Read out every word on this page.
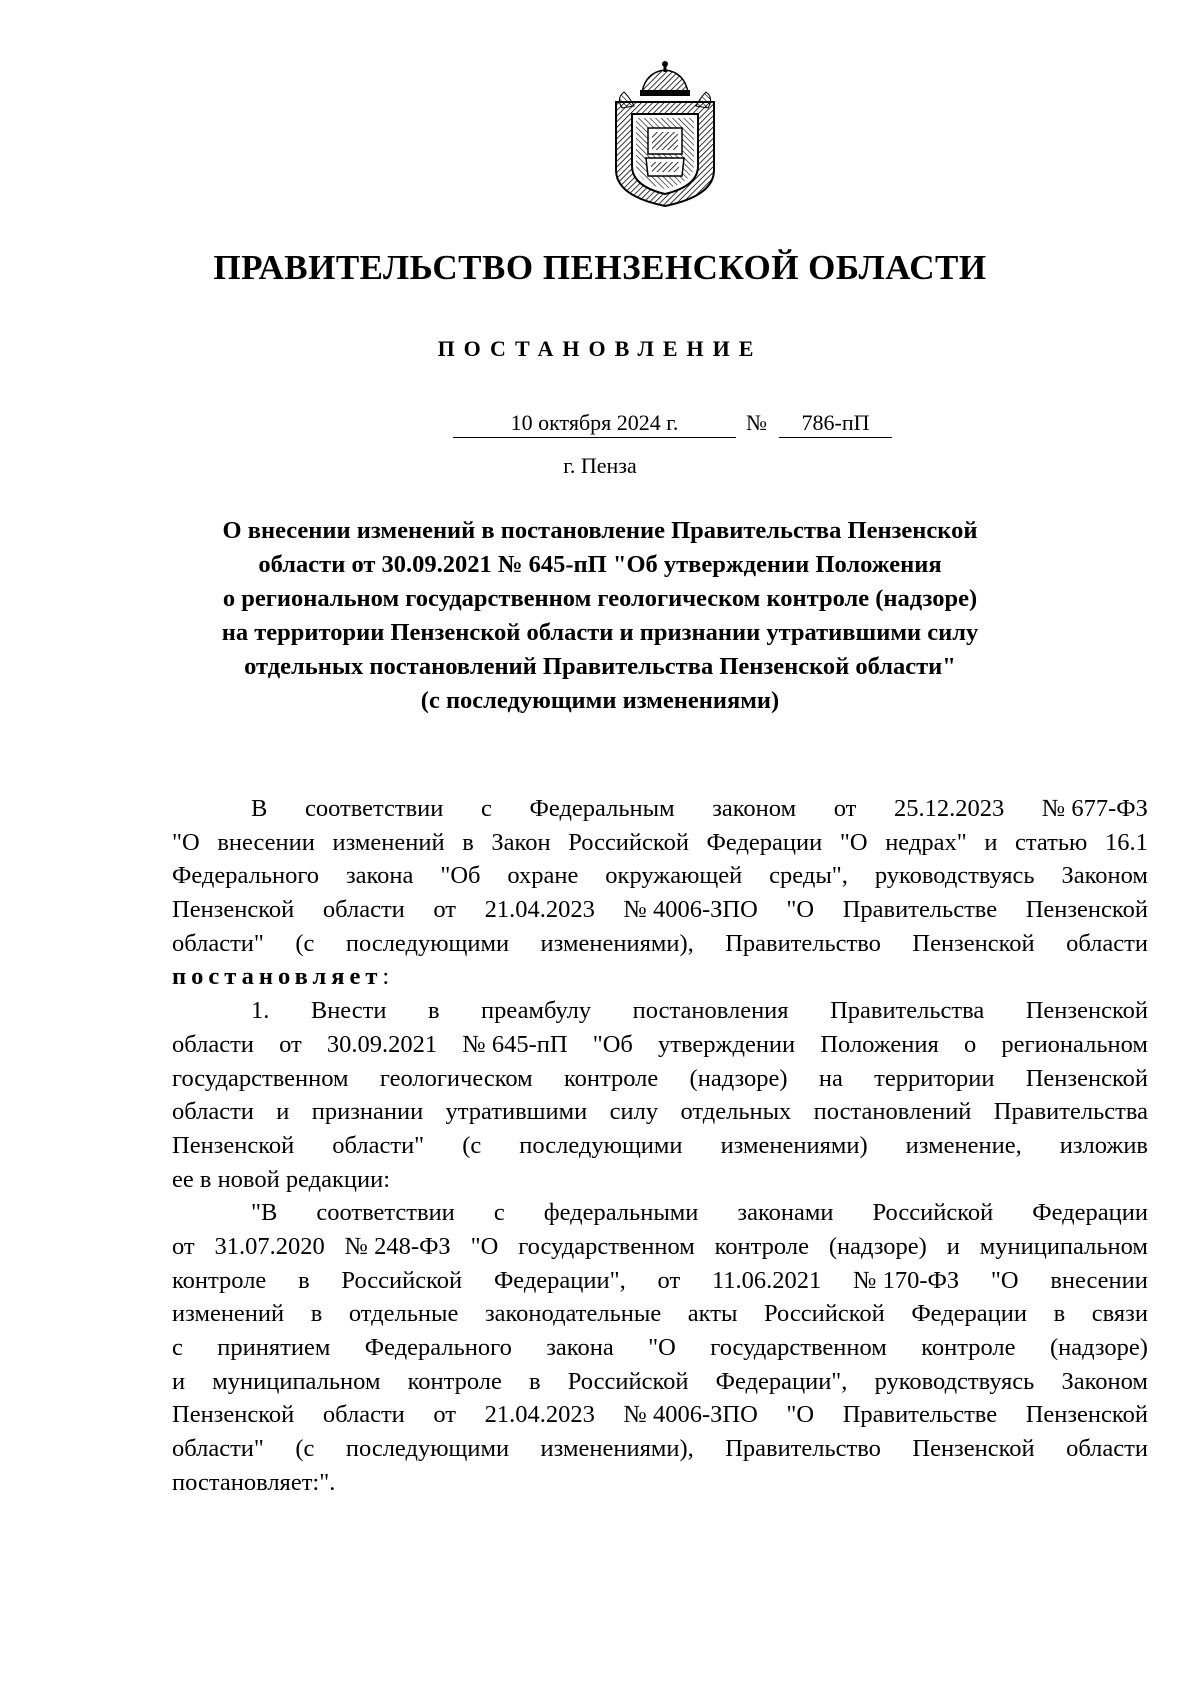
ПРАВИТЕЛЬСТВО ПЕНЗЕНСКОЙ ОБЛАСТИ
ПОСТАНОВЛЕНИЕ
10 октября 2024 г.	№	786-пП
г. Пенза
О внесении изменений в постановление Правительства Пензенской
области от 30.09.2021 № 645-пП "Об утверждении Положения
о региональном государственном геологическом контроле (надзоре)
на территории Пензенской области и признании утратившими силу
отдельных постановлений Правительства Пензенской области"
(с последующими изменениями)
В соответствии с Федеральным законом от 25.12.2023 № 677-ФЗ
"О внесении изменений в Закон Российской Федерации "О недрах" и статью 16.1
Федерального закона "Об охране окружающей среды", руководствуясь Законом
Пензенской области от 21.04.2023 № 4006-ЗПО "О Правительстве Пензенской
области" (с последующими изменениями), Правительство Пензенской области
постановляет :
1. Внести в преамбулу постановления Правительства Пензенской
области от 30.09.2021 № 645-пП "Об утверждении Положения о региональном
государственном геологическом контроле (надзоре) на территории Пензенской
области и признании утратившими силу отдельных постановлений Правительства
Пензенской области" (с последующими изменениями) изменение, изложив
ее в новой редакции:
"В соответствии с федеральными законами Российской Федерации
от 31.07.2020 № 248-ФЗ "О государственном контроле (надзоре) и муниципальном
контроле в Российской Федерации", от 11.06.2021 № 170-ФЗ "О внесении
изменений в отдельные законодательные акты Российской Федерации в связи
с принятием Федерального закона "О государственном контроле (надзоре)
и муниципальном контроле в Российской Федерации", руководствуясь Законом
Пензенской области от 21.04.2023 № 4006-ЗПО "О Правительстве Пензенской
области" (с последующими изменениями), Правительство Пензенской области
постановляет:".
